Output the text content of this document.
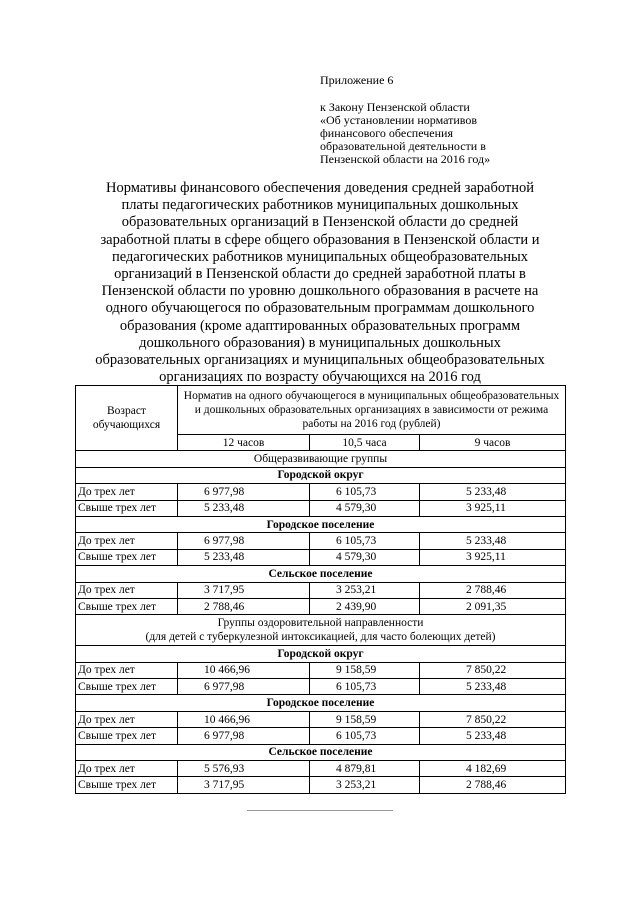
Приложение 6
к Закону Пензенской области
«Об установлении нормативов
финансового обеспечения
образовательной деятельности в
Пензенской области на 2016 год»
Нормативы финансового обеспечения доведения средней заработной
платы педагогических работников муниципальных дошкольных
образовательных организаций в Пензенской области до средней
заработной платы в сфере общего образования в Пензенской области и
педагогических работников муниципальных общеобразовательных
организаций в Пензенской области до средней заработной платы в
Пензенской области по уровню дошкольного образования в расчете на
одного обучающегося по образовательным программам дошкольного
образования (кроме адаптированных образовательных программ
дошкольного образования) в муниципальных дошкольных
образовательных организациях и муниципальных общеобразовательных
организациях по возрасту обучающихся на 2016 год
Возраст обучающихся	Норматив на одного обучающегося в муниципальных общеобразовательных и дошкольных образовательных организациях в зависимости от режима работы на 2016 год (рублей)		
	12 часов	10,5 часа	9 часов
Общеразвивающие группы			
Городской округ			
До трех лет	6 977,98	6 105,73	5 233,48
Свыше трех лет	5 233,48	4 579,30	3 925,11
Городское поселение			
До трех лет	6 977,98	6 105,73	5 233,48
Свыше трех лет	5 233,48	4 579,30	3 925,11
Сельское поселение			
До трех лет	3 717,95	3 253,21	2 788,46
Свыше трех лет	2 788,46	2 439,90	2 091,35

Группы оздоровительной направленности
(для детей с туберкулезной интоксикацией, для часто болеющих детей)			

Городской округ			
До трех лет	10 466,96	9 158,59	7 850,22
Свыше трех лет	6 977,98	6 105,73	5 233,48
Городское поселение			
До трех лет	10 466,96	9 158,59	7 850,22
Свыше трех лет	6 977,98	6 105,73	5 233,48
Сельское поселение			
До трех лет	5 576,93	4 879,81	4 182,69
Свыше трех лет	3 717,95	3 253,21	2 788,46
